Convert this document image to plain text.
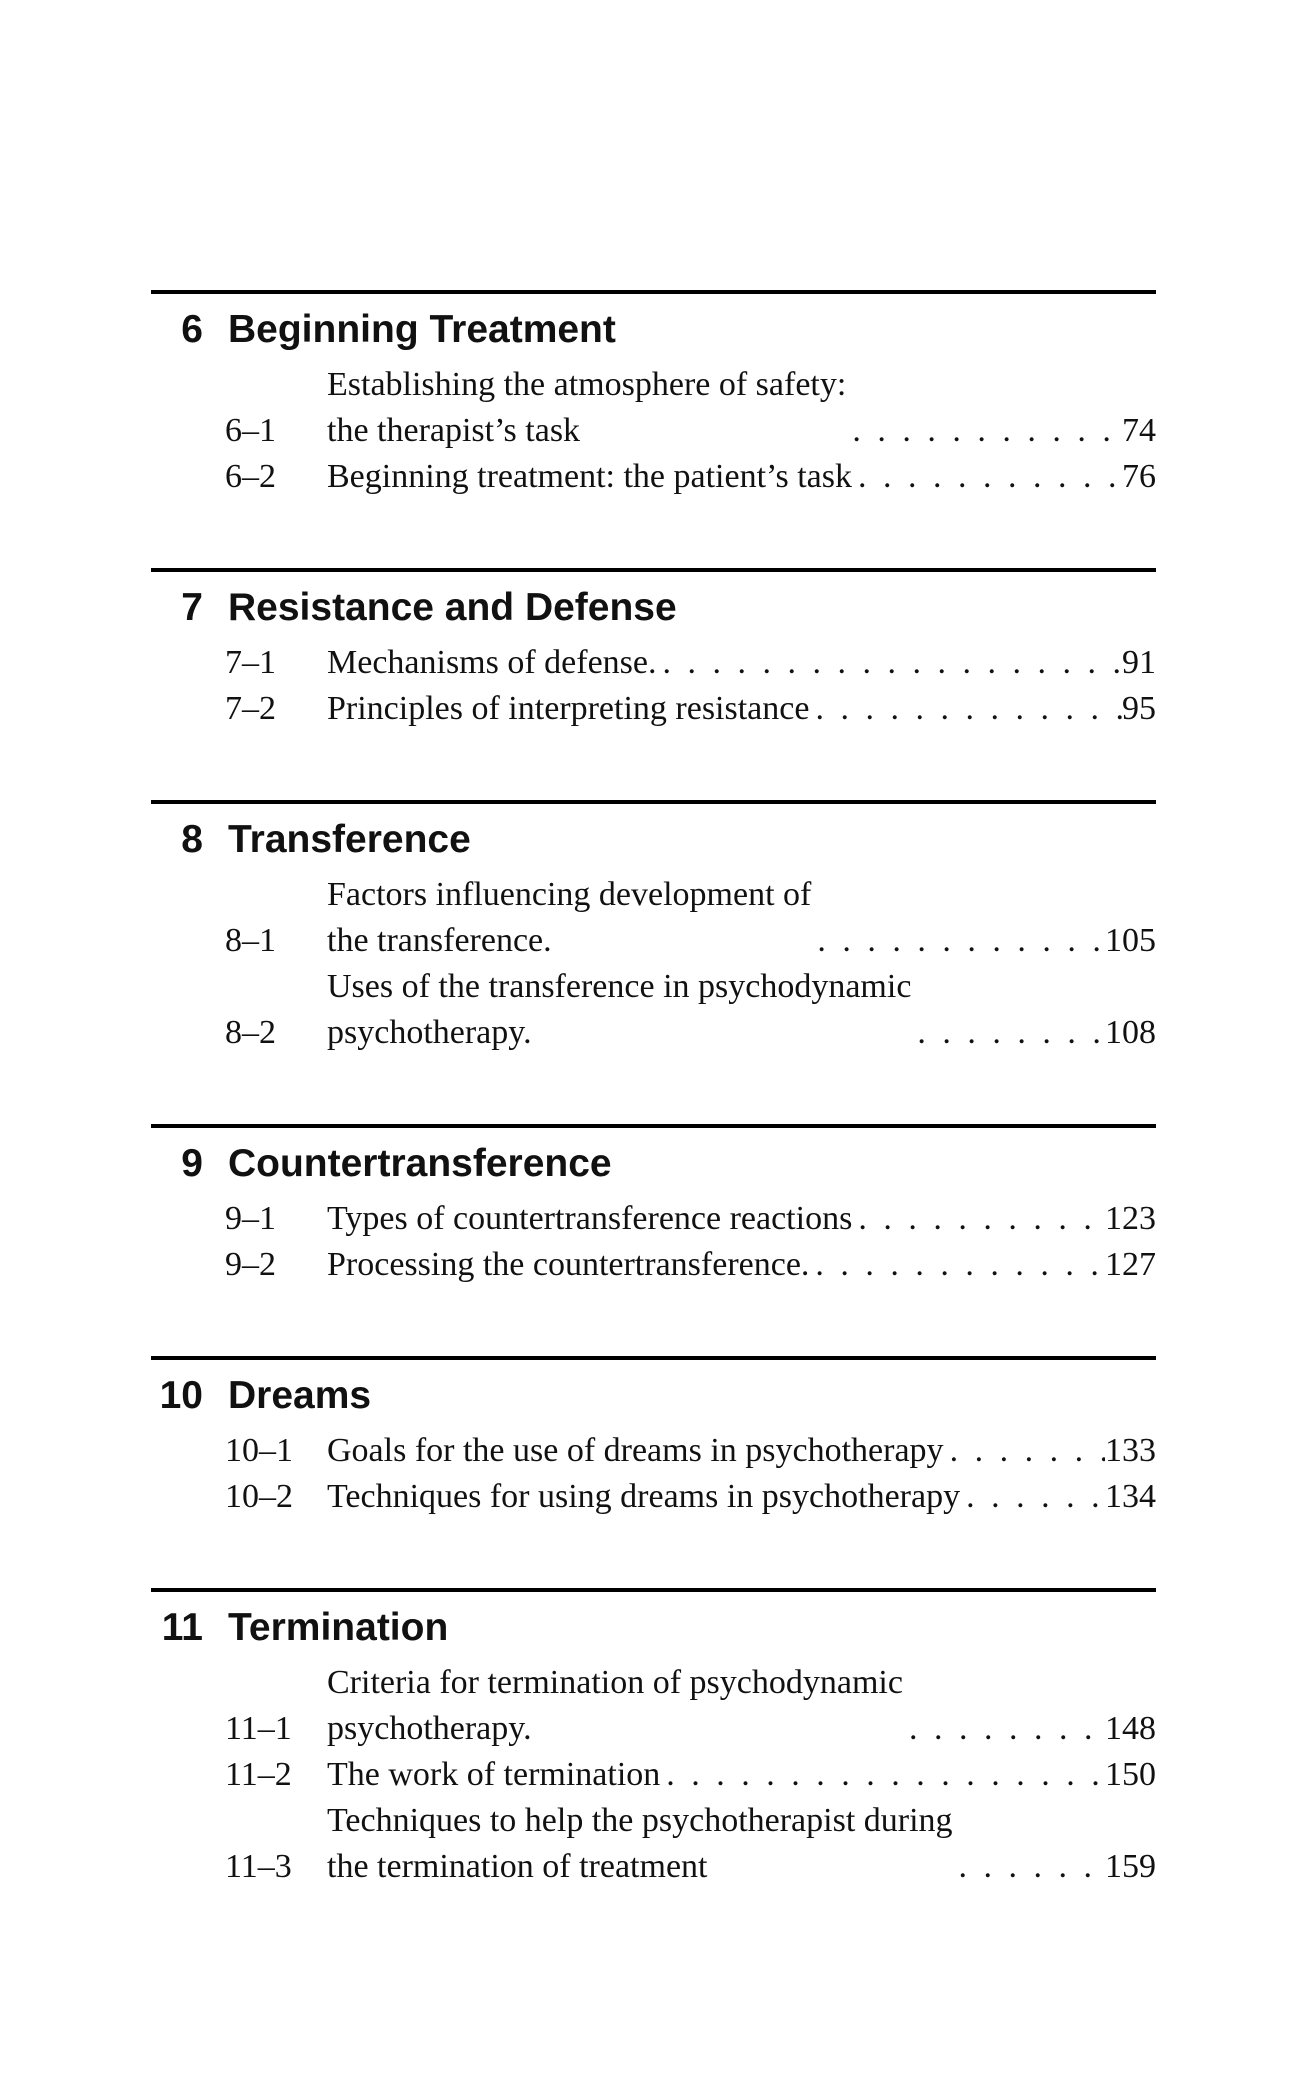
6 Beginning Treatment
6–1
Establishing the atmosphere of safety:
the therapist’s task . . .	74
6–2	Beginning treatment: the patient’s task . . .	76
7 Resistance and Defense
7–1	Mechanisms of defense. . . .	91
7–2	Principles of interpreting resistance . . .	95
8 Transference
8–1
Factors influencing development of
the transference. . . .	105
8–2
Uses of the transference in psychodynamic
psychotherapy. . . .	108
9 Countertransference
9–1	Types of countertransference reactions . . .	123
9–2	Processing the countertransference. . . .	127
10 Dreams
10–1 Goals for the use of dreams in psychotherapy . . .	133
10–2 Techniques for using dreams in psychotherapy . . .	134
11 Termination
11–1
Criteria for termination of psychodynamic
psychotherapy. . . .	148
11–2	The work of termination . . .	150
11–3
Techniques to help the psychotherapist during
the termination of treatment . . .	159
